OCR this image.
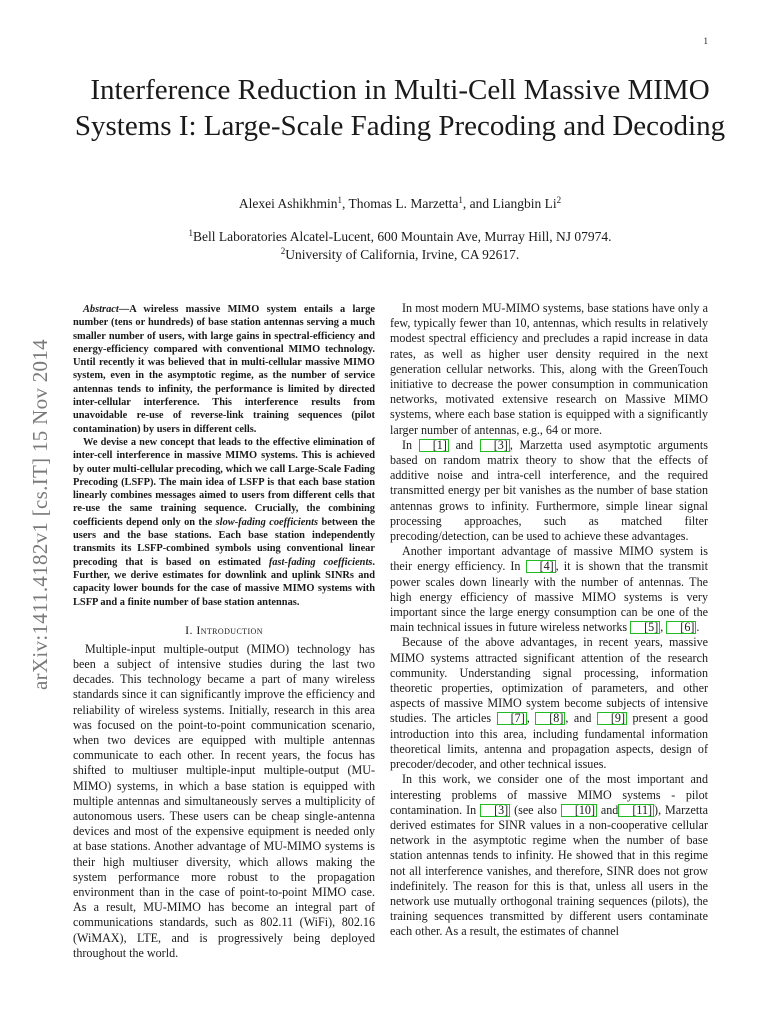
1
arXiv:1411.4182v1 [cs.IT] 15 Nov 2014
Interference Reduction in Multi-Cell Massive MIMO Systems I: Large-Scale Fading Precoding and Decoding
Alexei Ashikhmin$^1$, Thomas L. Marzetta$^1$, and Liangbin Li$^2$
$^1$Bell Laboratories Alcatel-Lucent, 600 Mountain Ave, Murray Hill, NJ 07974.
$^2$University of California, Irvine, CA 92617.

Abstract—A wireless massive MIMO system entails a large number (tens or hundreds) of base station antennas serving a much smaller number of users, with large gains in spectral-efficiency and energy-efficiency compared with conventional MIMO technology. Until recently it was believed that in multi-cellular massive MIMO system, even in the asymptotic regime, as the number of service antennas tends to infinity, the performance is limited by directed inter-cellular interference. This interference results from unavoidable re-use of reverse-link training sequences (pilot contamination) by users in different cells.

We devise a new concept that leads to the effective elimination of inter-cell interference in massive MIMO systems. This is achieved by outer multi-cellular precoding, which we call Large-Scale Fading Precoding (LSFP). The main idea of LSFP is that each base station linearly combines messages aimed to users from different cells that re-use the same training sequence. Crucially, the combining coefficients depend only on the slow-fading coefficients between the users and the base stations. Each base station independently transmits its LSFP-combined symbols using conventional linear precoding that is based on estimated fast-fading coefficients. Further, we derive estimates for downlink and uplink SINRs and capacity lower bounds for the case of massive MIMO systems with LSFP and a finite number of base station antennas.

I. Introduction

Multiple-input multiple-output (MIMO) technology has been a subject of intensive studies during the last two decades. This technology became a part of many wireless standards since it can significantly improve the efficiency and reliability of wireless systems. Initially, research in this area was focused on the point-to-point communication scenario, when two devices are equipped with multiple antennas communicate to each other. In recent years, the focus has shifted to multiuser multiple-input multiple-output (MU-MIMO) systems, in which a base station is equipped with multiple antennas and simultaneously serves a multiplicity of autonomous users. These users can be cheap single-antenna devices and most of the expensive equipment is needed only at base stations. Another advantage of MU-MIMO systems is their high multiuser diversity, which allows making the system performance more robust to the propagation environment than in the case of point-to-point MIMO case. As a result, MU-MIMO has become an integral part of communications standards, such as 802.11 (WiFi), 802.16 (WiMAX), LTE, and is progressively being deployed throughout the world.

In most modern MU-MIMO systems, base stations have only a few, typically fewer than 10, antennas, which results in relatively modest spectral efficiency and precludes a rapid increase in data rates, as well as higher user density required in the next generation cellular networks. This, along with the GreenTouch initiative to decrease the power consumption in communication networks, motivated extensive research on Massive MIMO systems, where each base station is equipped with a significantly larger number of antennas, e.g., 64 or more.

In [1] and [3] , Marzetta used asymptotic arguments based on random matrix theory to show that the effects of additive noise and intra-cell interference, and the required transmitted energy per bit vanishes as the number of base station antennas grows to infinity. Furthermore, simple linear signal processing approaches, such as matched filter precoding/detection, can be used to achieve these advantages.

Another important advantage of massive MIMO system is their energy efficiency. In [4] , it is shown that the transmit power scales down linearly with the number of antennas. The high energy efficiency of massive MIMO systems is very important since the large energy consumption can be one of the main technical issues in future wireless networks [5] , [6] .

Because of the above advantages, in recent years, massive MIMO systems attracted significant attention of the research community. Understanding signal processing, information theoretic properties, optimization of parameters, and other aspects of massive MIMO system become subjects of intensive studies. The articles [7] , [8] , and [9] present a good introduction into this area, including fundamental information theoretical limits, antenna and propagation aspects, design of precoder/decoder, and other technical issues.

In this work, we consider one of the most important and interesting problems of massive MIMO systems - pilot contamination. In [3] (see also [10] and [11] ), Marzetta derived estimates for SINR values in a non-cooperative cellular network in the asymptotic regime when the number of base station antennas tends to infinity. He showed that in this regime not all interference vanishes, and therefore, SINR does not grow indefinitely. The reason for this is that, unless all users in the network use mutually orthogonal training sequences (pilots), the training sequences transmitted by different users contaminate each other. As a result, the estimates of channel
